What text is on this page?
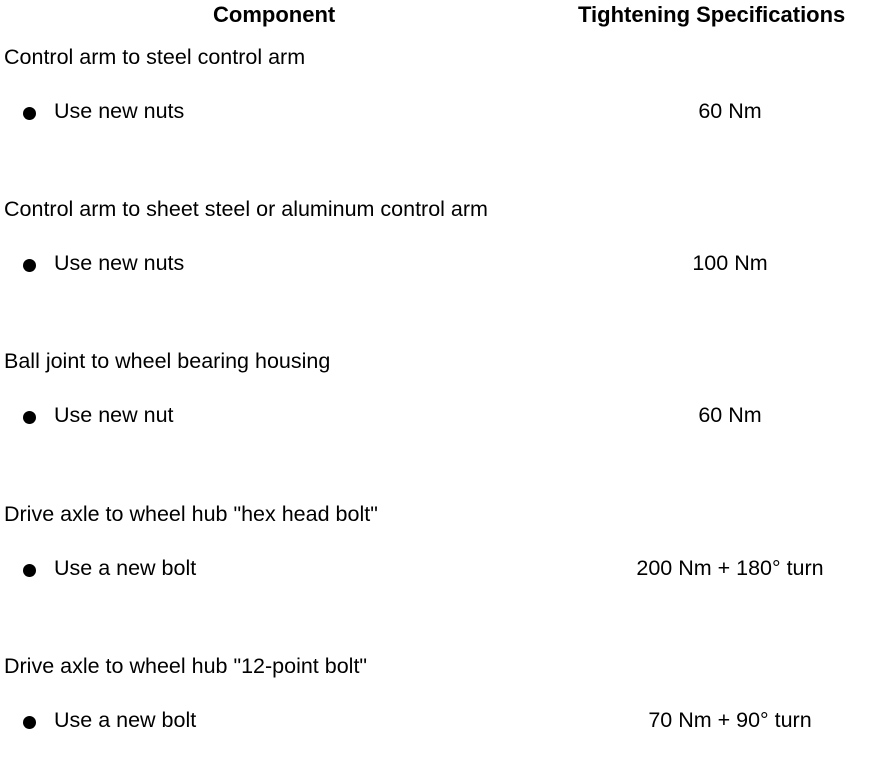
Component	Tightening Specifications
Control arm to steel control arm
Use new nuts	60 Nm
Control arm to sheet steel or aluminum control arm
Use new nuts	100 Nm
Ball joint to wheel bearing housing
Use new nut	60 Nm
Drive axle to wheel hub "hex head bolt"
Use a new bolt	200 Nm + 180° turn
Drive axle to wheel hub "12-point bolt"
Use a new bolt	70 Nm + 90° turn
